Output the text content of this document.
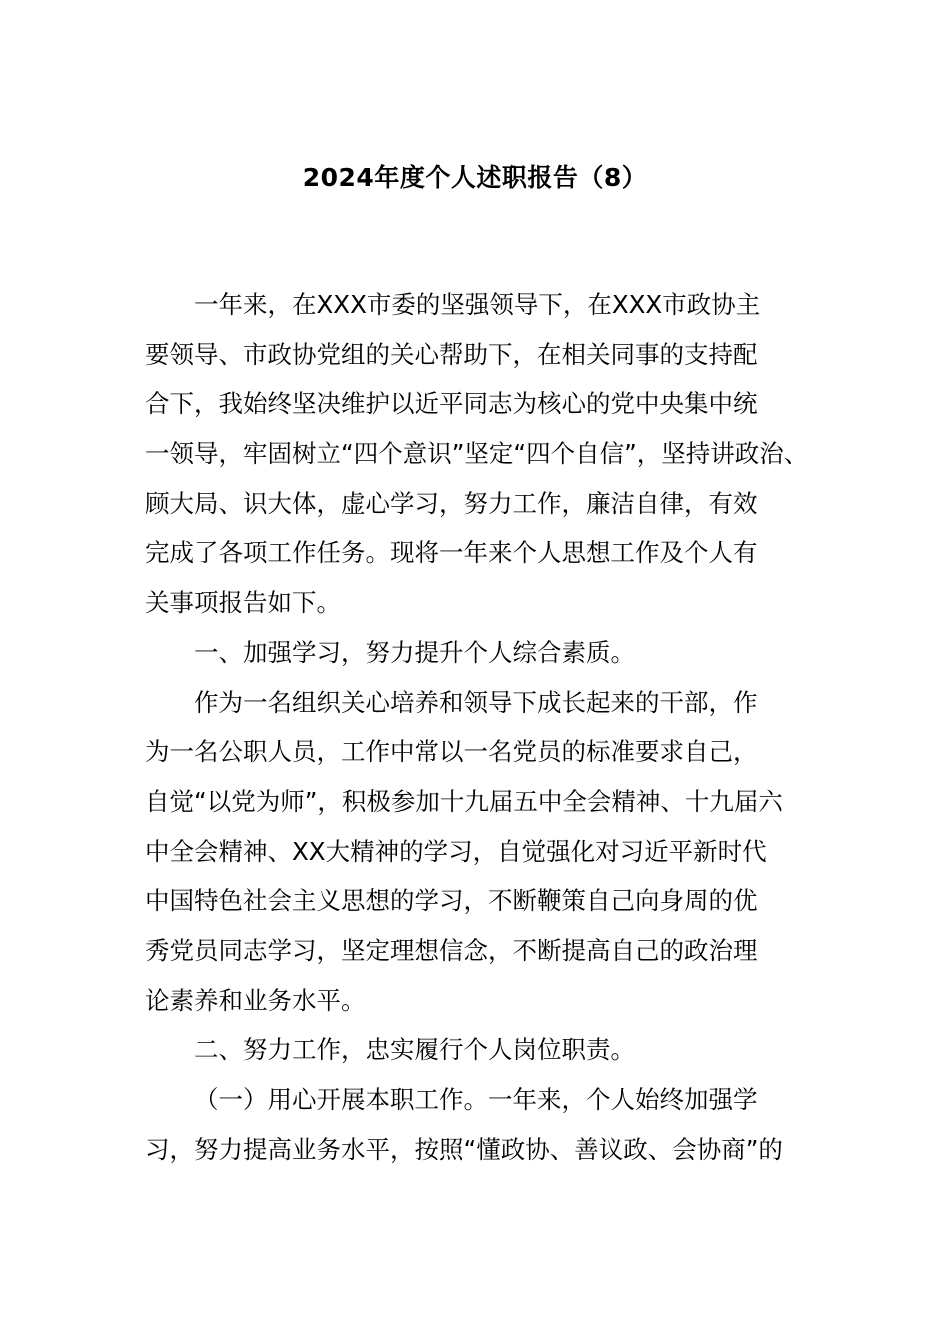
2024年度个人述职报告（8）
一年来，在XXX市委的坚强领导下，在XXX市政协主
要领导、市政协党组的关心帮助下，在相关同事的支持配
合下，我始终坚决维护以近平同志为核心的党中央集中统
一领导，牢固树立“四个意识”坚定“四个自信”，坚持讲政治、
顾大局、识大体，虚心学习，努力工作，廉洁自律，有效
完成了各项工作任务。现将一年来个人思想工作及个人有
关事项报告如下。
一、加强学习，努力提升个人综合素质。
作为一名组织关心培养和领导下成长起来的干部，作
为一名公职人员，工作中常以一名党员的标准要求自己，
自觉“以党为师”，积极参加十九届五中全会精神、十九届六
中全会精神、XX大精神的学习，自觉强化对习近平新时代
中国特色社会主义思想的学习，不断鞭策自己向身周的优
秀党员同志学习，坚定理想信念，不断提高自己的政治理
论素养和业务水平。
二、努力工作，忠实履行个人岗位职责。
（一）用心开展本职工作。一年来，个人始终加强学
习，努力提高业务水平，按照“懂政协、善议政、会协商”的
